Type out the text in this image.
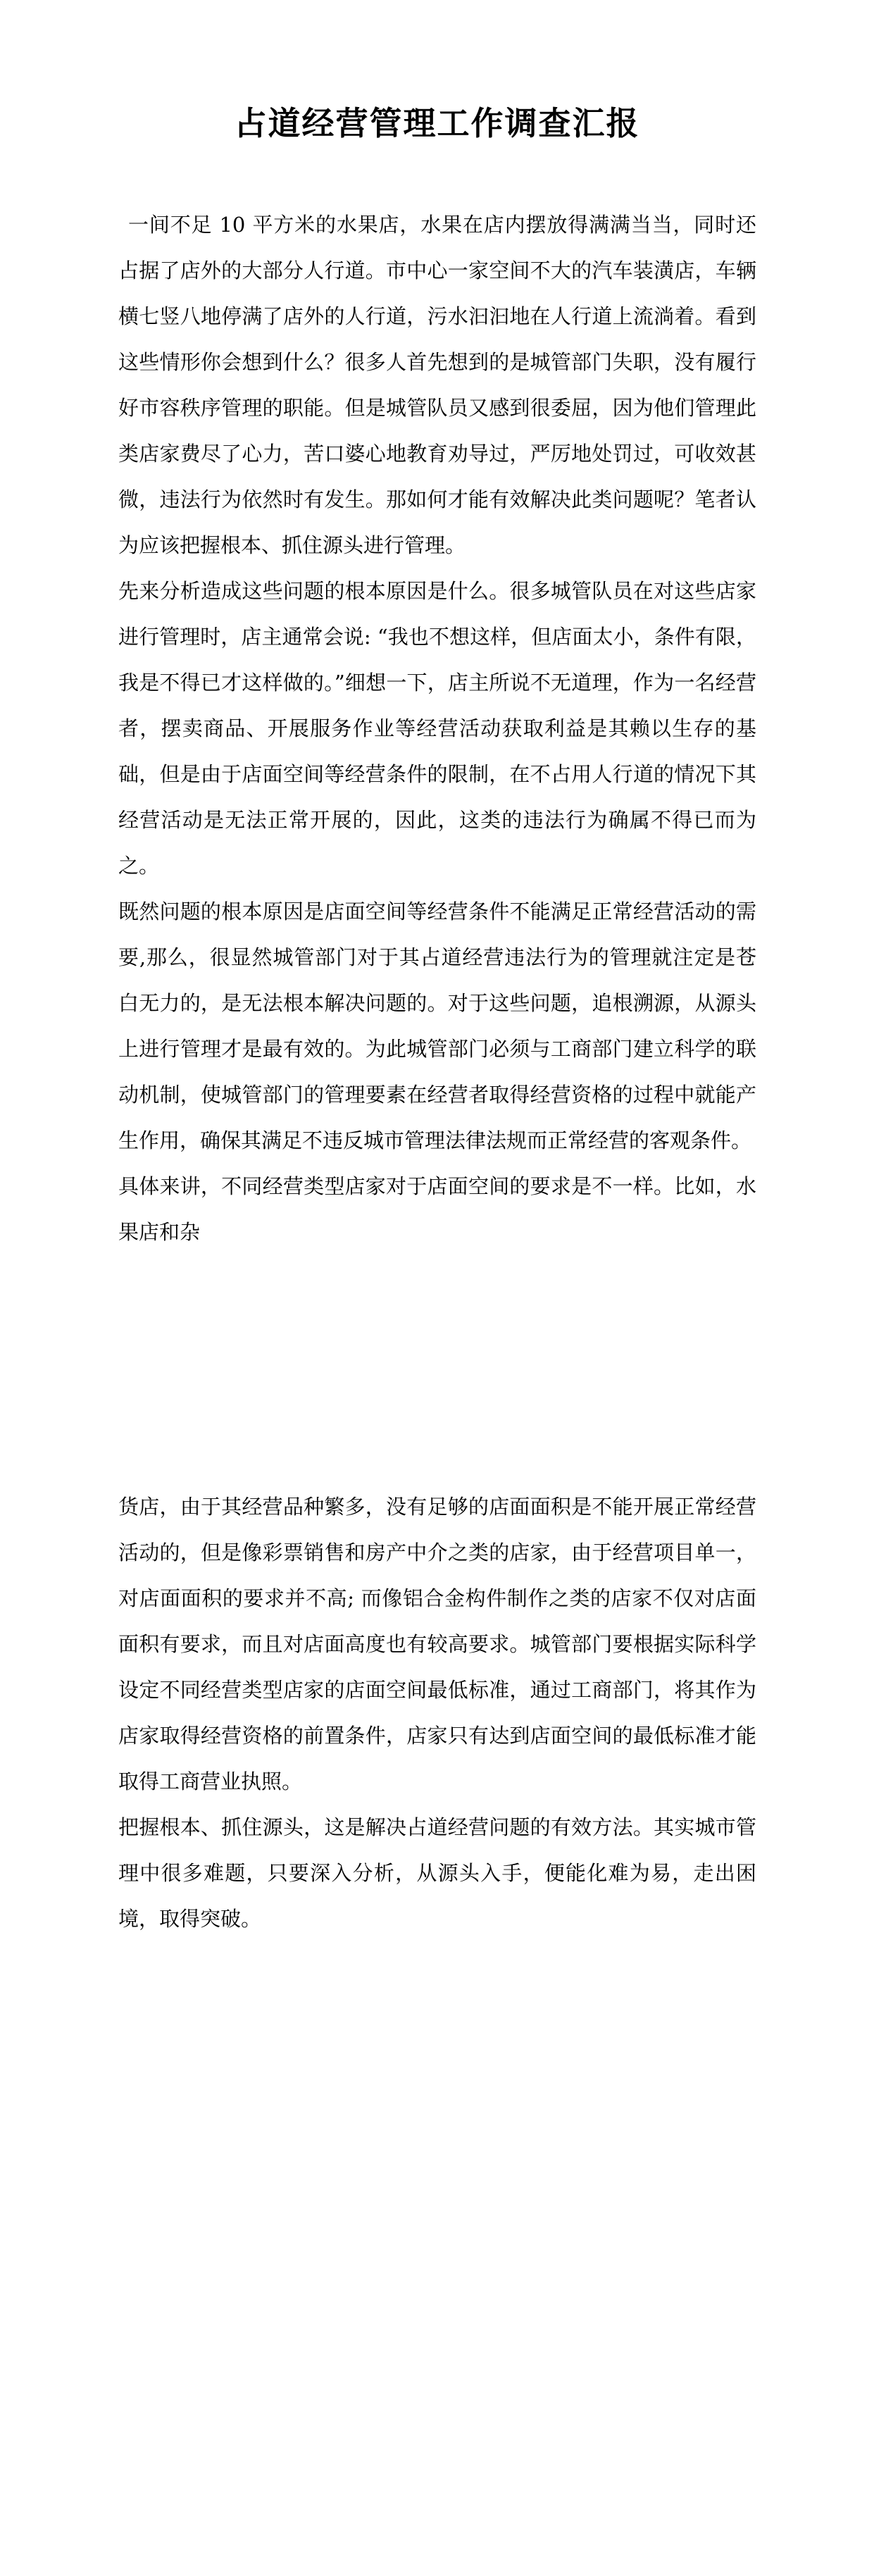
占道经营管理工作调查汇报

一间不足 10 平方米的水果店，水果在店内摆放得满满当当，同时还占据了店外的大部分人行道。市中心一家空间不大的汽车装潢店，车辆横七竖八地停满了店外的人行道，污水汩汩地在人行道上流淌着。看到这些情形你会想到什么？很多人首先想到的是城管部门失职，没有履行好市容秩序管理的职能。但是城管队员又感到很委屈，因为他们管理此类店家费尽了心力，苦口婆心地教育劝导过，严厉地处罚过，可收效甚微，违法行为依然时有发生。那如何才能有效解决此类问题呢？笔者认为应该把握根本、抓住源头进行管理。

先来分析造成这些问题的根本原因是什么。很多城管队员在对这些店家进行管理时，店主通常会说: “我也不想这样，但店面太小，条件有限，我是不得已才这样做的。”细想一下，店主所说不无道理，作为一名经营者，摆卖商品、开展服务作业等经营活动获取利益是其赖以生存的基础，但是由于店面空间等经营条件的限制，在不占用人行道的情况下其经营活动是无法正常开展的，因此，这类的违法行为确属不得已而为之。

既然问题的根本原因是店面空间等经营条件不能满足正常经营活动的需要,那么，很显然城管部门对于其占道经营违法行为的管理就注定是苍白无力的，是无法根本解决问题的。对于这些问题，追根溯源，从源头上进行管理才是最有效的。为此城管部门必须与工商部门建立科学的联动机制，使城管部门的管理要素在经营者取得经营资格的过程中就能产生作用，确保其满足不违反城市管理法律法规而正常经营的客观条件。

具体来讲，不同经营类型店家对于店面空间的要求是不一样。比如，水果店和杂

货店，由于其经营品种繁多，没有足够的店面面积是不能开展正常经营活动的，但是像彩票销售和房产中介之类的店家，由于经营项目单一，对店面面积的要求并不高; 而像铝合金构件制作之类的店家不仅对店面面积有要求，而且对店面高度也有较高要求。城管部门要根据实际科学设定不同经营类型店家的店面空间最低标准，通过工商部门，将其作为店家取得经营资格的前置条件，店家只有达到店面空间的最低标准才能取得工商营业执照。

把握根本、抓住源头，这是解决占道经营问题的有效方法。其实城市管理中很多难题，只要深入分析，从源头入手，便能化难为易，走出困境，取得突破。
